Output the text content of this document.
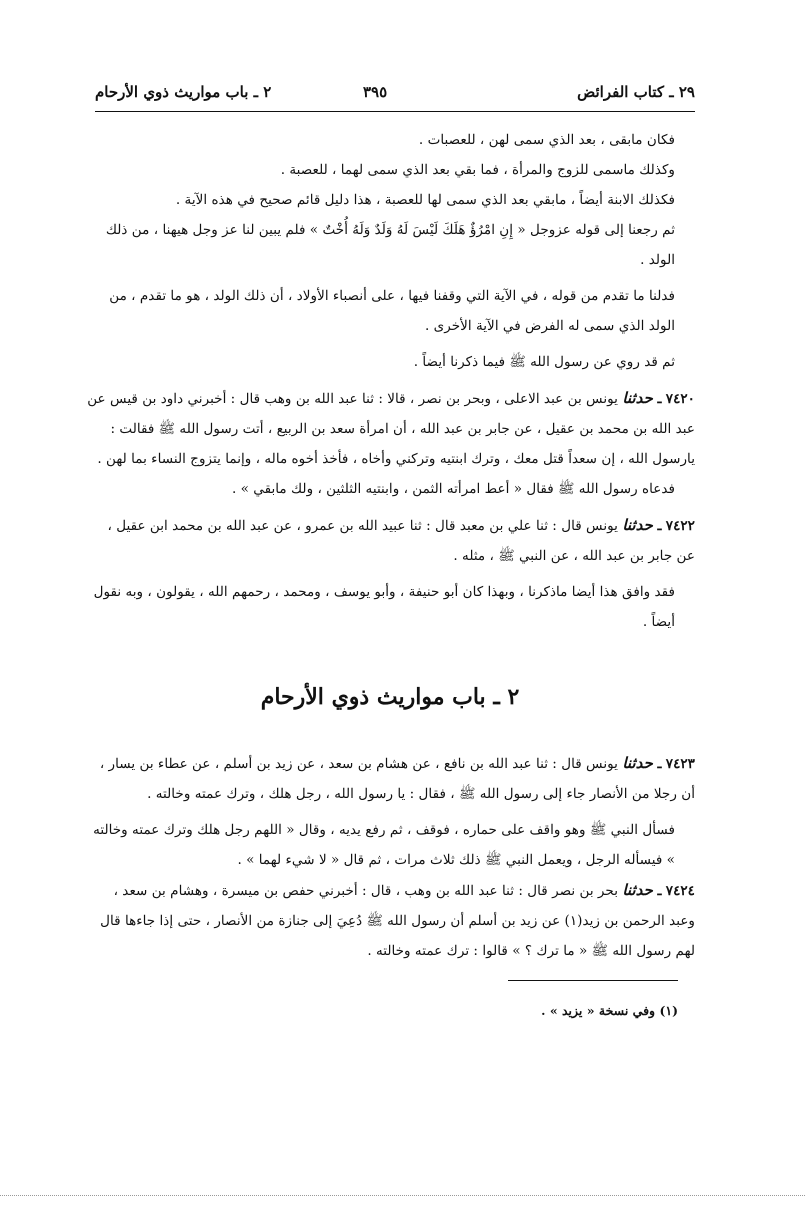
٢٩ ـ كتاب الفرائض
٣٩٥
٢ ـ باب مواريث ذوي الأرحام

فكان مابقى ، بعد الذي سمى لهن ، للعصبات .

وكذلك ماسمى للزوج والمرأة ، فما بقي بعد الذي سمى لهما ، للعصبة .

فكذلك الابنة أيضاً ، مابقي بعد الذي سمى لها للعصبة ، هذا دليل قائم صحيح في هذه الآية .

ثم رجعنا إلى قوله عزوجل « إِنِ امْرُؤٌ هَلَكَ لَيْسَ لَهُ وَلَدٌ وَلَهُ أُخْتٌ » فلم يبين لنا عز وجل هيهنا ، من ذلك الولد .

فدلنا ما تقدم من قوله ، في الآية التي وقفنا فيها ، على أنصباء الأولاد ، أن ذلك الولد ، هو ما تقدم ، من الولد الذي سمى له الفرض في الآية الأخرى .

ثم قد روي عن رسول الله ﷺ فيما ذكرنا أيضاً .

٧٤٢٠ ـ حدثنا يونس بن عبد الاعلى ، وبحر بن نصر ، قالا : ثنا عبد الله بن وهب قال : أخبرني داود بن قيس عن عبد الله بن محمد بن عقيل ، عن جابر بن عبد الله ، أن امرأة سعد بن الربيع ، أتت رسول الله ﷺ فقالت : يارسول الله ، إن سعداً قتل معك ، وترك ابنتيه وتركني وأخاه ، فأخذ أخوه ماله ، وإنما يتزوج النساء بما لهن .

فدعاه رسول الله ﷺ فقال « أعط امرأته الثمن ، وابنتيه الثلثين ، ولك مابقي » .

٧٤٢٢ ـ حدثنا يونس قال : ثنا علي بن معبد قال : ثنا عبيد الله بن عمرو ، عن عبد الله بن محمد ابن عقيل ، عن جابر بن عبد الله ، عن النبي ﷺ ، مثله .

فقد وافق هذا أيضا ماذكرنا ، وبهذا كان أبو حنيفة ، وأبو يوسف ، ومحمد ، رحمهم الله ، يقولون ، وبه نقول أيضاً .

٢ ـ باب مواريث ذوي الأرحام

٧٤٢٣ ـ حدثنا يونس قال : ثنا عبد الله بن نافع ، عن هشام بن سعد ، عن زيد بن أسلم ، عن عطاء بن يسار ، أن رجلا من الأنصار جاء إلى رسول الله ﷺ ، فقال : يا رسول الله ، رجل هلك ، وترك عمته وخالته .

فسأل النبي ﷺ وهو واقف على حماره ، فوقف ، ثم رفع يديه ، وقال « اللهم رجل هلك وترك عمته وخالته » فيسأله الرجل ، ويعمل النبي ﷺ ذلك ثلاث مرات ، ثم قال « لا شيء لهما » .

٧٤٢٤ ـ حدثنا بحر بن نصر قال : ثنا عبد الله بن وهب ، قال : أخبرني حفص بن ميسرة ، وهشام بن سعد ، وعبد الرحمن بن زيد(١) عن زيد بن أسلم أن رسول الله ﷺ دُعِيَ إلى جنازة من الأنصار ، حتى إذا جاءها قال لهم رسول الله ﷺ « ما ترك ؟ » قالوا : ترك عمته وخالته .

(١) وفي نسخة « يزيد » .
